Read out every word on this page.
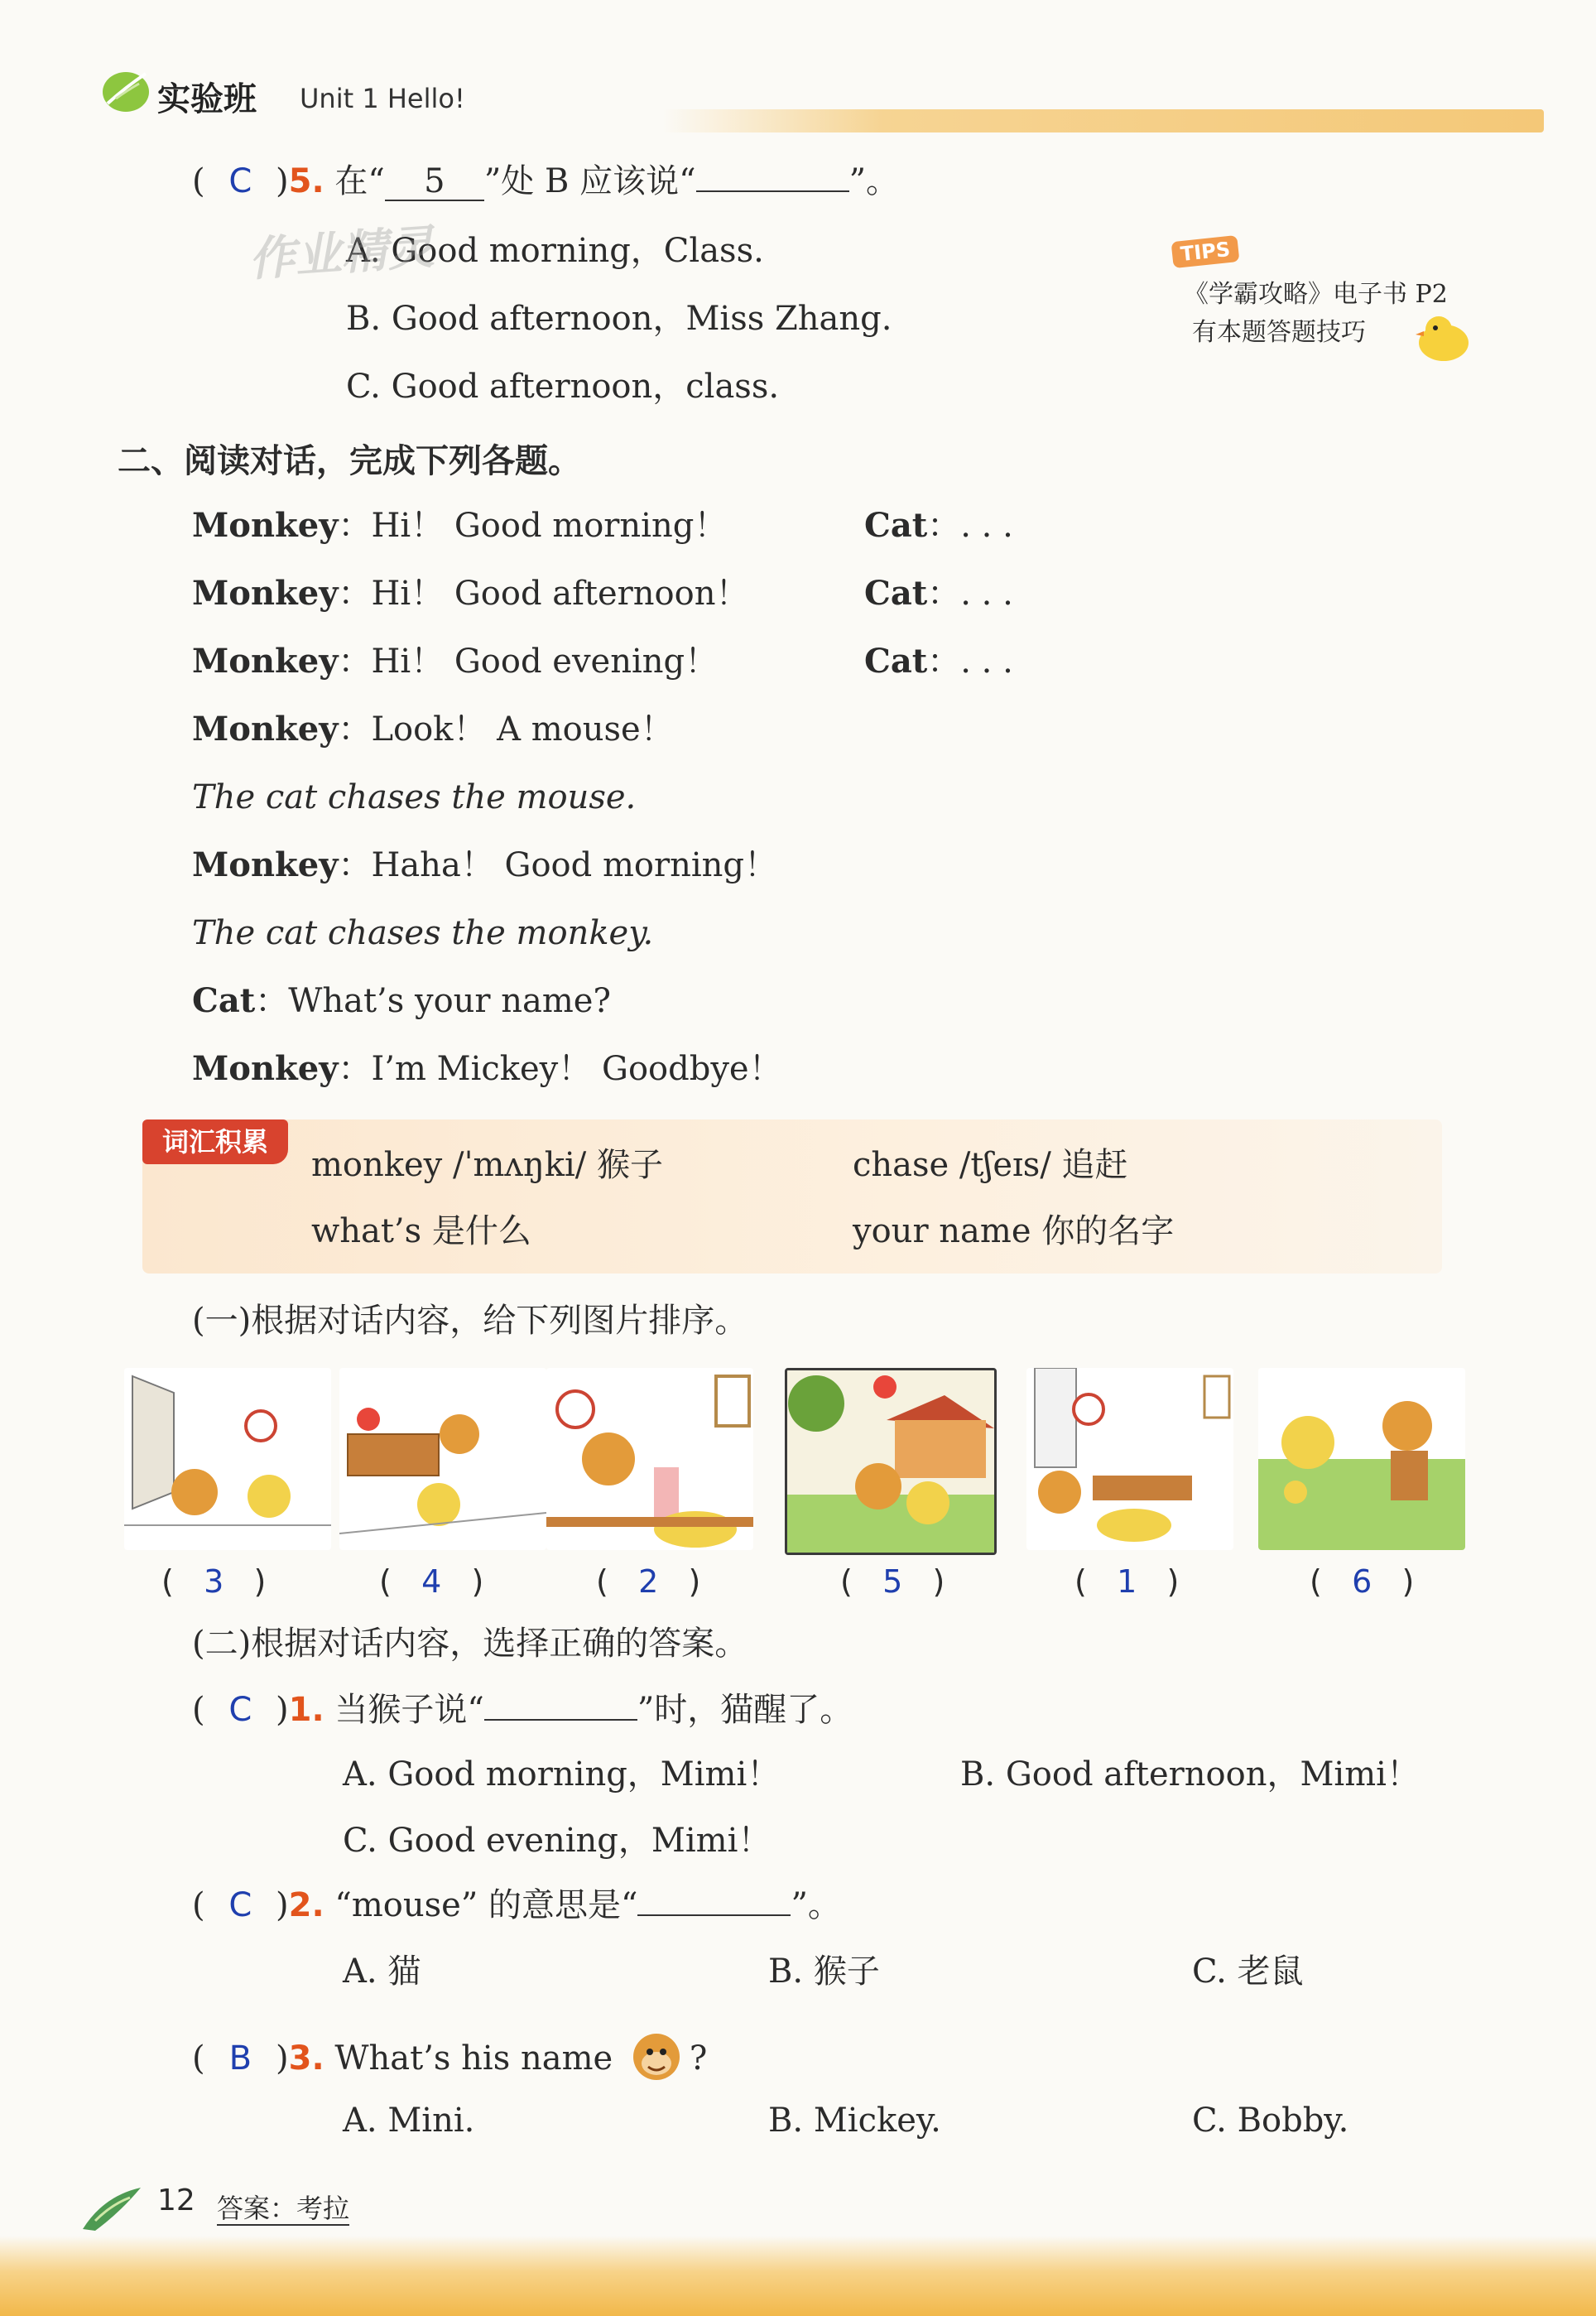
实验班 Unit 1 Hello!
( C )5. 在“ 5 ”处 B 应该说“	”。
A. Good morning，Class.
B. Good afternoon，Miss Zhang.
C. Good afternoon，class.
作业精灵	TIPS
《学霸攻略》电子书 P2
有本题答题技巧
二、阅读对话，完成下列各题。
Monkey：Hi！ Good morning！	Cat：. . .
Monkey：Hi！ Good afternoon！	Cat：. . .
Monkey：Hi！ Good evening！	Cat：. . .
Monkey：Look！ A mouse！
The cat chases the mouse.
Monkey：Haha！ Good morning！
The cat chases the monkey.
Cat：What’s your name?
Monkey：I’m Mickey！ Goodbye！
词汇积累
monkey /ˈmʌŋki/ 猴子	chase /tʃeɪs/ 追赶
what’s 是什么	your name 你的名字
(一)根据对话内容，给下列图片排序。
(   3   )	(   4   )	(   2   )	(   5   )	(   1   )	(   6   )
(二)根据对话内容，选择正确的答案。
( C )1. 当猴子说“	”时，猫醒了。
A. Good morning，Mimi！	B. Good afternoon，Mimi！
C. Good evening，Mimi！
( C )2. “mouse” 的意思是“	”。
A. 猫	B. 猴子	C. 老鼠
( B )3. What’s his name ?
A. Mini.	B. Mickey.	C. Bobby.
12 答案：考拉
